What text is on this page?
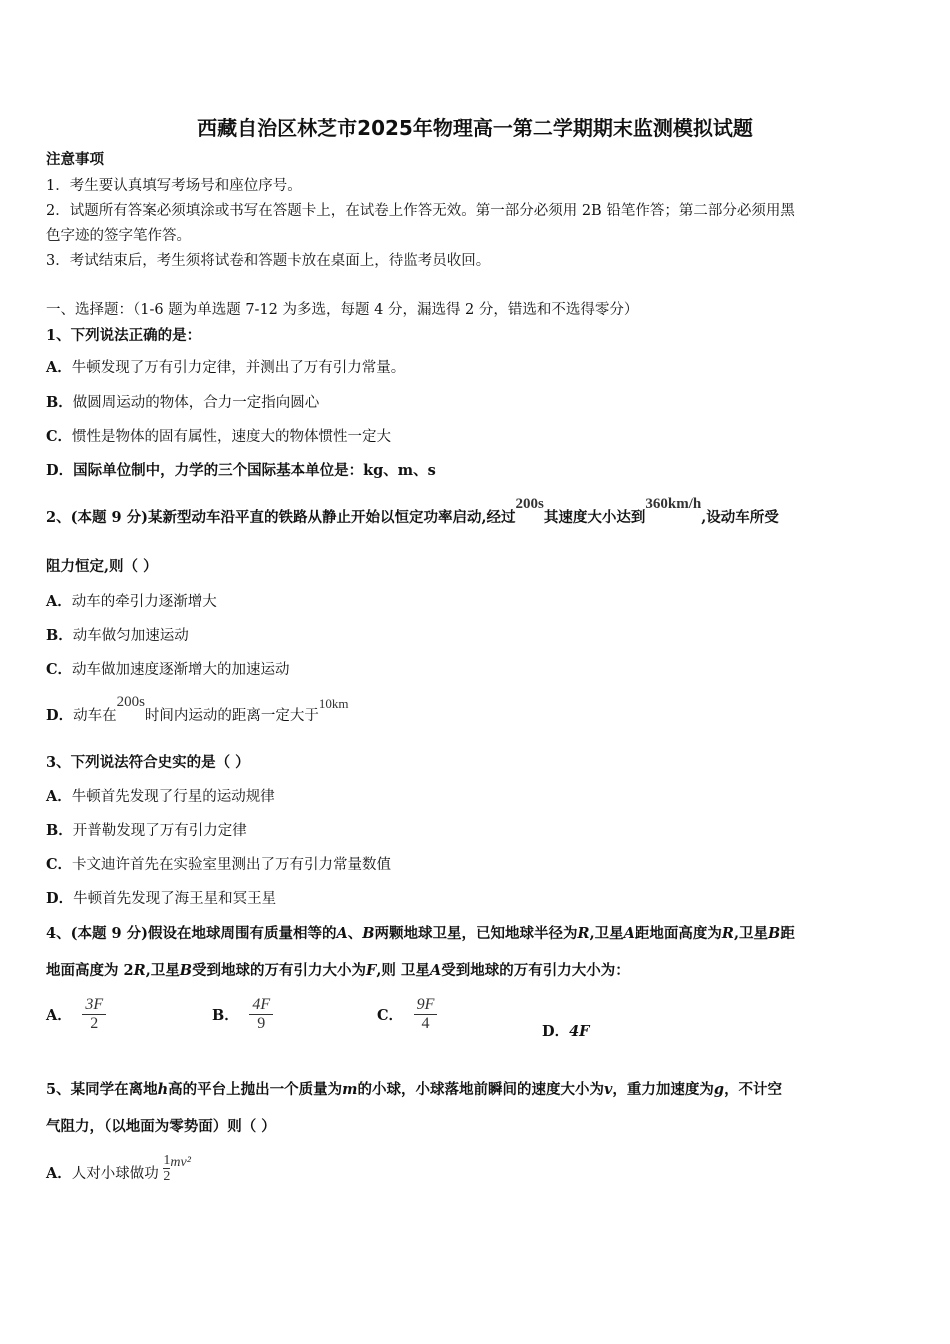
西藏自治区林芝市2025年物理高一第二学期期末监测模拟试题
注意事项
1．考生要认真填写考场号和座位序号。
2．试题所有答案必须填涂或书写在答题卡上，在试卷上作答无效。第一部分必须用 2B 铅笔作答；第二部分必须用黑
色字迹的签字笔作答。
3．考试结束后，考生须将试卷和答题卡放在桌面上，待监考员收回。
一、选择题：（1-6 题为单选题 7-12 为多选，每题 4 分，漏选得 2 分，错选和不选得零分）
1、下列说法正确的是：
A．牛顿发现了万有引力定律，并测出了万有引力常量。
B．做圆周运动的物体，合力一定指向圆心
C．惯性是物体的固有属性，速度大的物体惯性一定大
D．国际单位制中，力学的三个国际基本单位是：kg、m、s
2、(本题 9 分)某新型动车沿平直的铁路从静止开始以恒定功率启动,经过200s其速度大小达到360km/h,设动车所受
阻力恒定,则（ ）
A．动车的牵引力逐渐增大
B．动车做匀加速运动
C．动车做加速度逐渐增大的加速运动
D．动车在200s时间内运动的距离一定大于10km
3、下列说法符合史实的是（ ）
A．牛顿首先发现了行星的运动规律
B．开普勒发现了万有引力定律
C．卡文迪许首先在实验室里测出了万有引力常量数值
D．牛顿首先发现了海王星和冥王星
4、(本题 9 分)假设在地球周围有质量相等的A、B两颗地球卫星，已知地球半径为R,卫星A距地面高度为R,卫星B距
地面高度为 2R,卫星B受到地球的万有引力大小为F,则 卫星A受到地球的万有引力大小为：
A． $\frac{3F}{2}$	B． $\frac{4F}{9}$	C． $\frac{9F}{4}$	D．4F
5、某同学在离地h高的平台上抛出一个质量为m的小球，小球落地前瞬间的速度大小为v，重力加速度为g，不计空
气阻力，（以地面为零势面）则（ ）
A．人对小球做功 $\frac{1}{2} mv^2$
